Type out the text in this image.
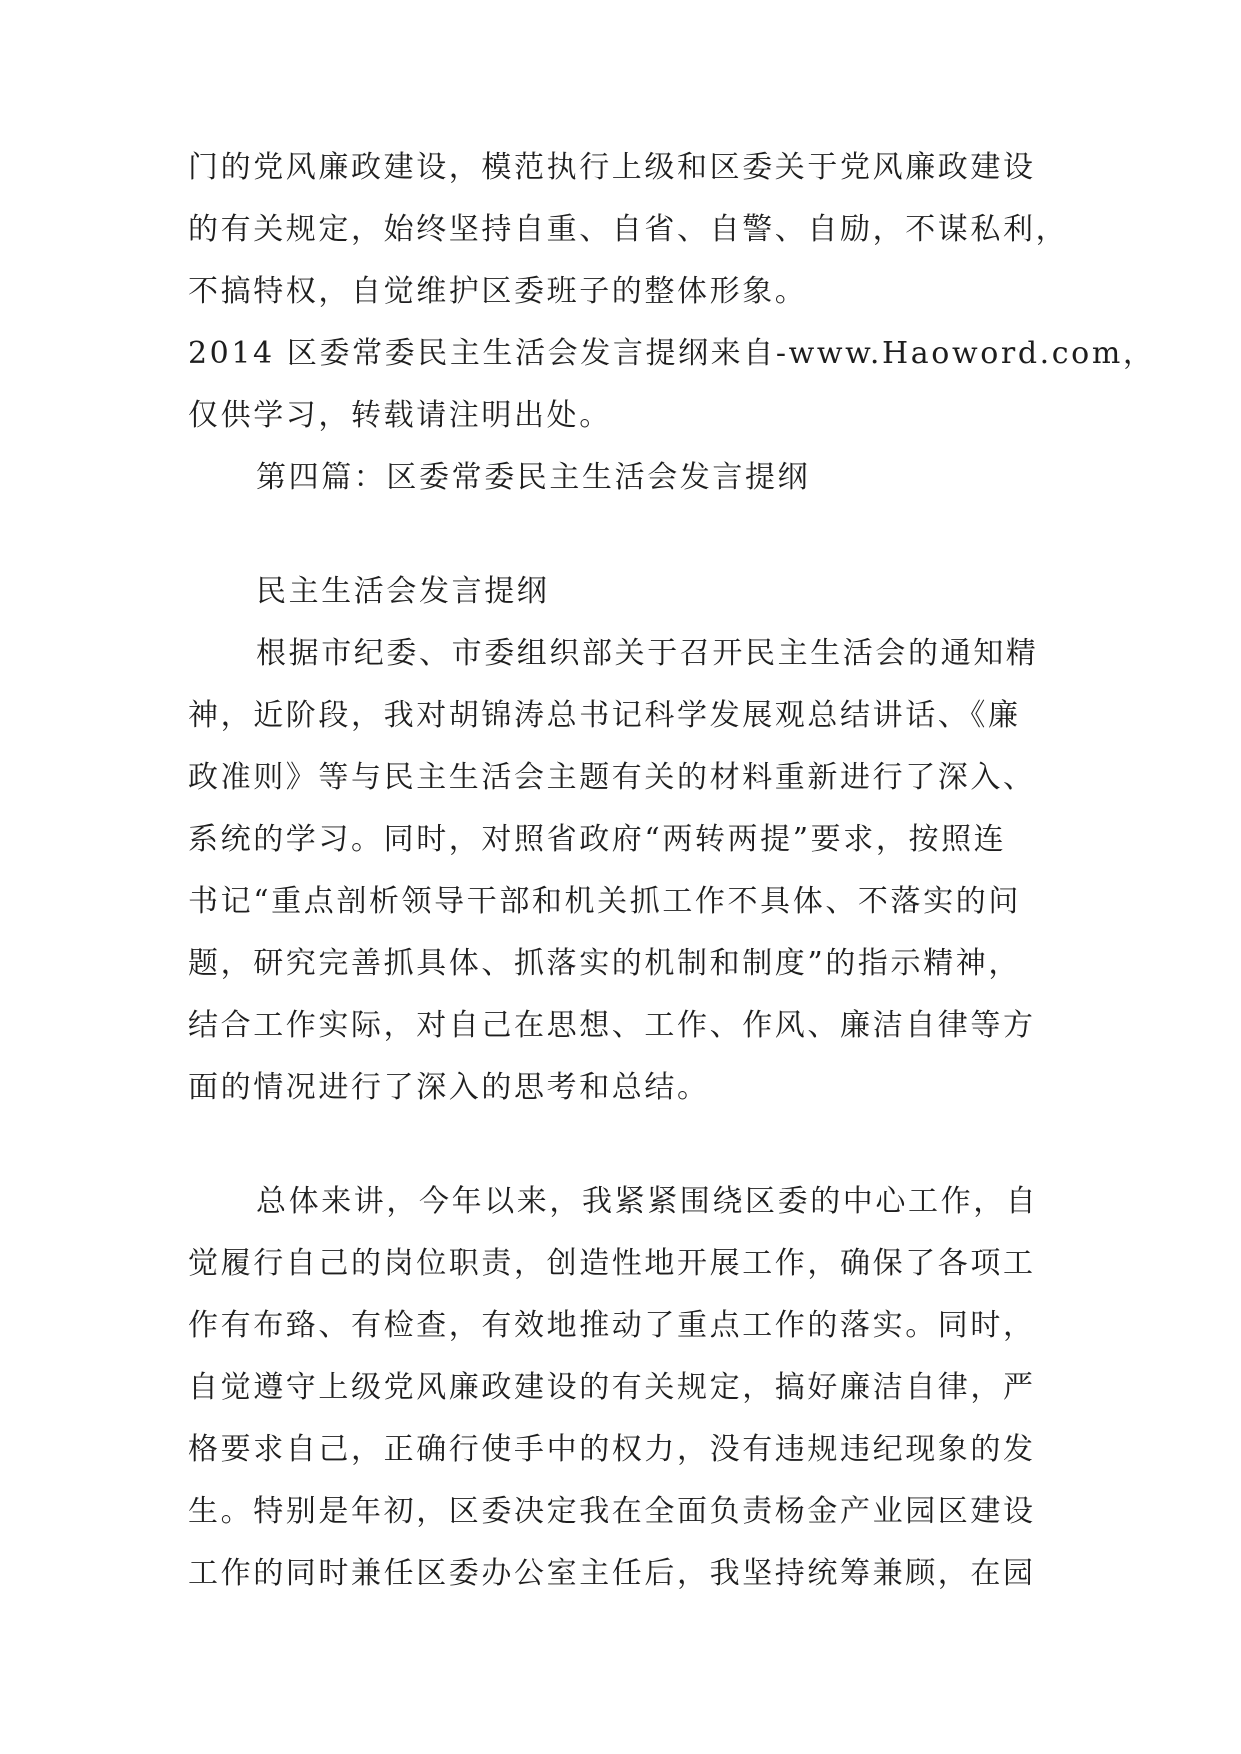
门的党风廉政建设，模范执行上级和区委关于党风廉政建设
的有关规定，始终坚持自重、自省、自警、自励，不谋私利，
不搞特权，自觉维护区委班子的整体形象。
2014 区委常委民主生活会发言提纲来自-www.Haoword.com，
仅供学习，转载请注明出处。
第四篇：区委常委民主生活会发言提纲
民主生活会发言提纲
根据市纪委、市委组织部关于召开民主生活会的通知精
神，近阶段，我对胡锦涛总书记科学发展观总结讲话、《廉
政准则》等与民主生活会主题有关的材料重新进行了深入、
系统的学习。同时，对照省政府“两转两提”要求，按照连
书记“重点剖析领导干部和机关抓工作不具体、不落实的问
题，研究完善抓具体、抓落实的机制和制度”的指示精神，
结合工作实际，对自己在思想、工作、作风、廉洁自律等方
面的情况进行了深入的思考和总结。
总体来讲，今年以来，我紧紧围绕区委的中心工作，自
觉履行自己的岗位职责，创造性地开展工作，确保了各项工
作有布臵、有检查，有效地推动了重点工作的落实。同时，
自觉遵守上级党风廉政建设的有关规定，搞好廉洁自律，严
格要求自己，正确行使手中的权力，没有违规违纪现象的发
生。特别是年初，区委决定我在全面负责杨金产业园区建设
工作的同时兼任区委办公室主任后，我坚持统筹兼顾，在园
